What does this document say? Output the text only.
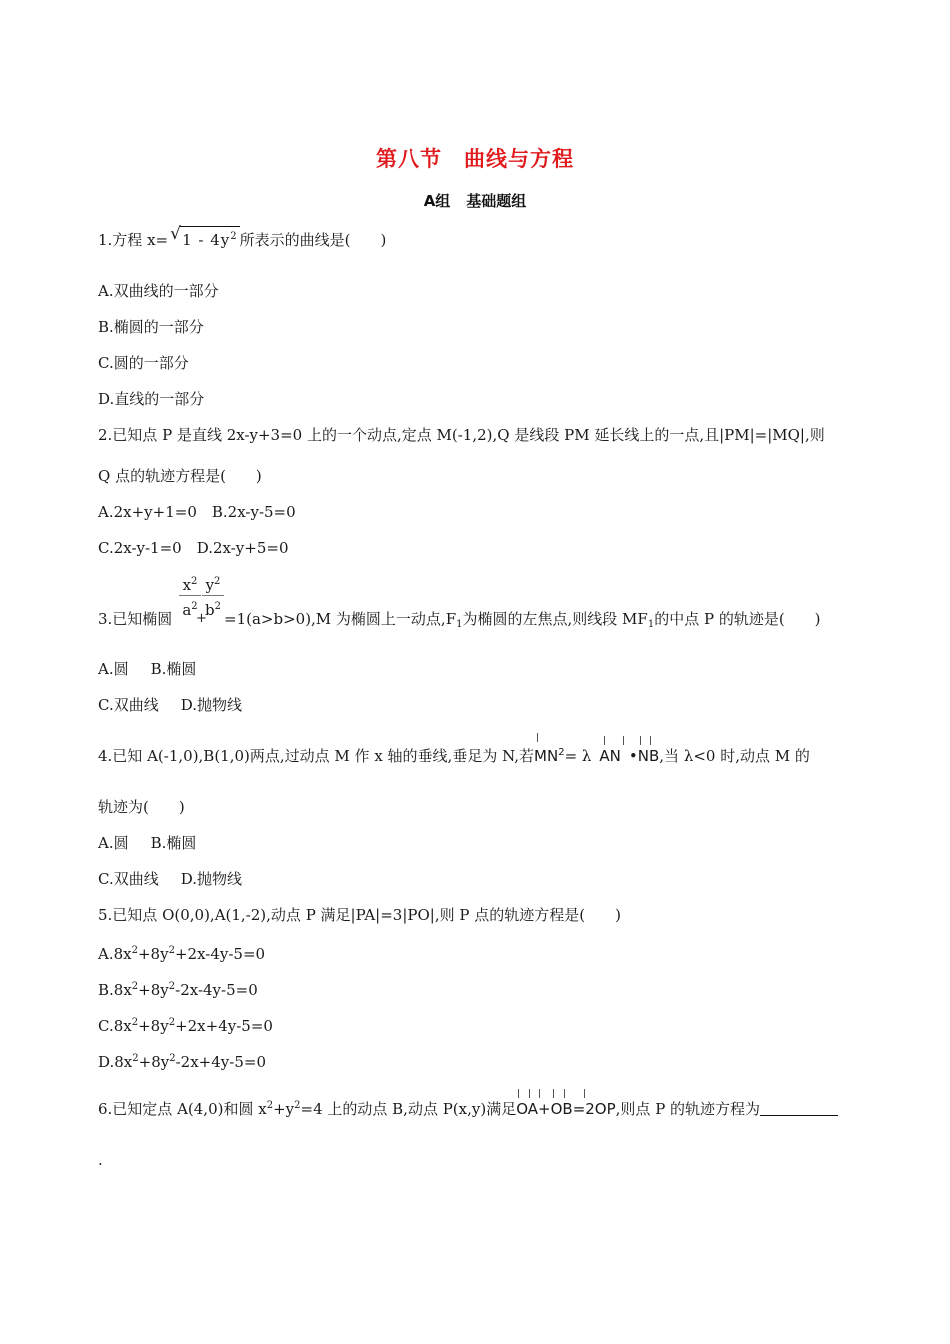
第八节 曲线与方程
A组 基础题组
1.方程 x= √ $1 - 4y^2$ 所表示的曲线是(　　)
A.双曲线的一部分
B.椭圆的一部分
C.圆的一部分
D.直线的一部分
2.已知点 P 是直线 2x-y+3=0 上的一个动点,定点 M(-1,2),Q 是线段 PM 延长线上的一点,且|PM|=|MQ|,则
Q 点的轨迹方程是(　　)
A.2x+y+1=0　B.2x-y-5=0
C.2x-y-1=0　D.2x-y+5=0
$\frac{x^2}{a^2}$
+
$\frac{y^2}{b^2}$
3.已知椭圆	=1(a>b>0),M 为椭圆上一动点$,F_1$为椭圆的左焦点,则线段 $MF_1$的中点 P 的轨迹是(　　)
A.圆 B.椭圆
C.双曲线 D.抛物线
4.已知 A(-1,0),B(1,0)两点,过动点 M 作 x 轴的垂线,垂足为 N,若
$MN^2= \lambda$ AN •
NB,当 λ<0 时,动点 M 的
轨迹为(　　)
A.圆 B.椭圆
C.双曲线 D.抛物线
5.已知点 O(0,0),A(1,-2),动点 P 满足|PA|=3|PO|,则 P 点的轨迹方程是(　　)
$A.8x^2+8y^2+2x-4y-5=0$
$B.8x^2+8y^2-2x-4y-5=0$
$C.8x^2+8y^2+2x+4y-5=0$
$D.8x^2+8y^2-2x+4y-5=0$
6.已知定点 A(4,0)和圆 $x^2+y^2=4$ 上的动点 B,动点 P(x,y)满足
OA+OB=2OP,则点 P 的轨迹方程为
.
